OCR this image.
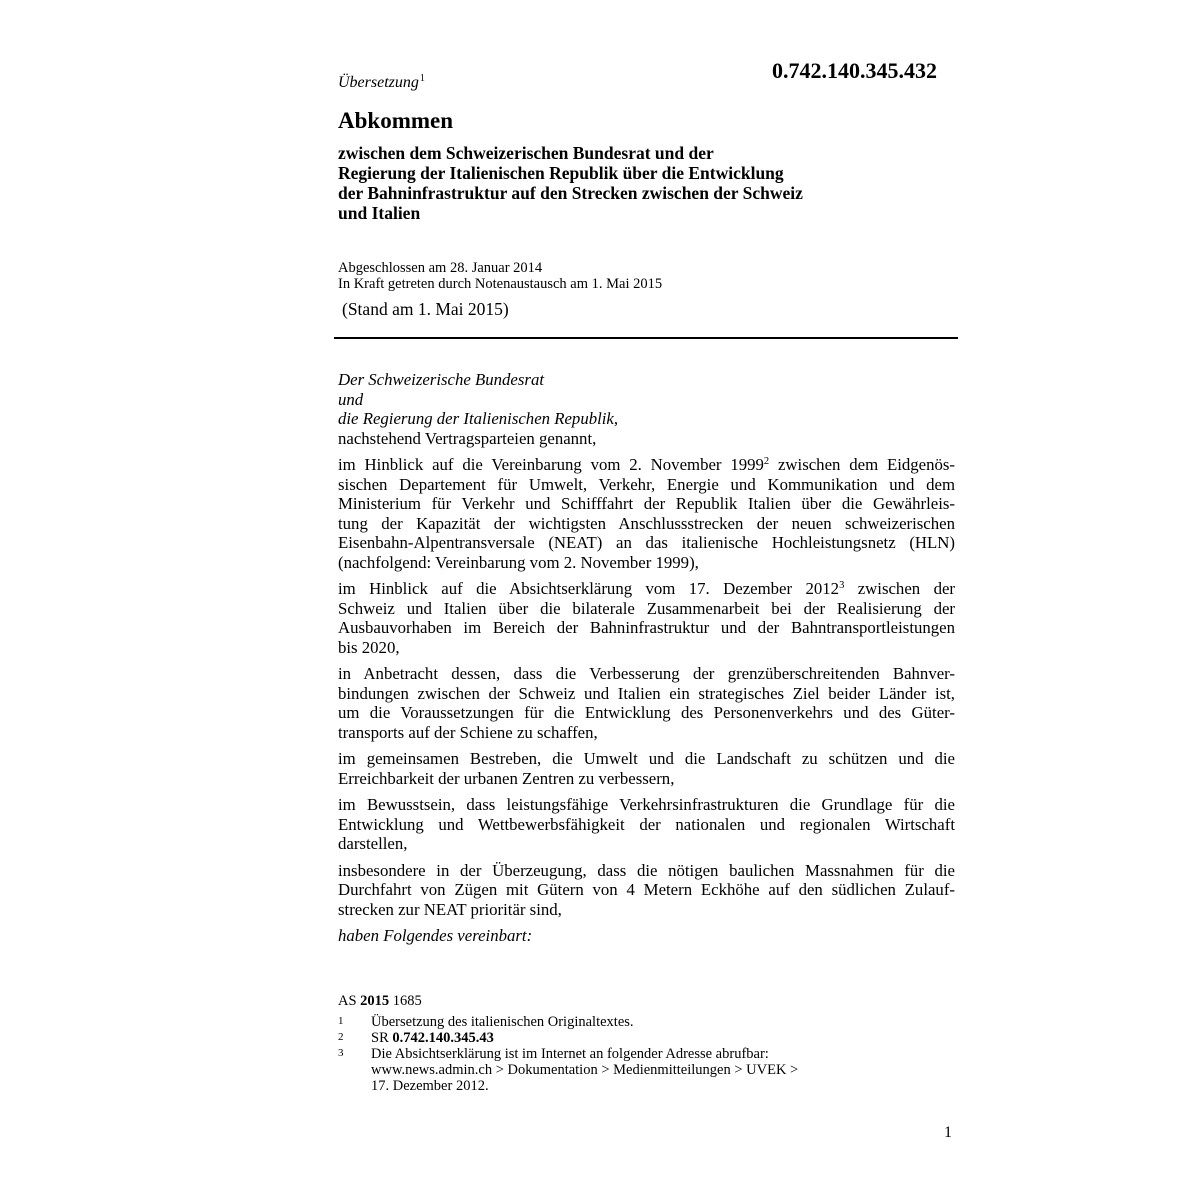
0.742.140.345.432
Übersetzung$^1$
Abkommen
zwischen dem Schweizerischen Bundesrat und der
Regierung der Italienischen Republik über die Entwicklung
der Bahninfrastruktur auf den Strecken zwischen der Schweiz
und Italien
Abgeschlossen am 28. Januar 2014
In Kraft getreten durch Notenaustausch am 1. Mai 2015
(Stand am 1. Mai 2015)
Der Schweizerische Bundesrat
und
die Regierung der Italienischen Republik,
nachstehend Vertragsparteien genannt,
im Hinblick auf die Vereinbarung vom 2. November 1999$^2$ zwischen dem Eidgenös-
sischen Departement für Umwelt, Verkehr, Energie und Kommunikation und dem
Ministerium für Verkehr und Schifffahrt der Republik Italien über die Gewährleis-
tung der Kapazität der wichtigsten Anschlussstrecken der neuen schweizerischen
Eisenbahn-Alpentransversale (NEAT) an das italienische Hochleistungsnetz (HLN)
(nachfolgend: Vereinbarung vom 2. November 1999),
im Hinblick auf die Absichtserklärung vom 17. Dezember 2012$^3$ zwischen der
Schweiz und Italien über die bilaterale Zusammenarbeit bei der Realisierung der
Ausbauvorhaben im Bereich der Bahninfrastruktur und der Bahntransportleistungen
bis 2020,
in Anbetracht dessen, dass die Verbesserung der grenzüberschreitenden Bahnver-
bindungen zwischen der Schweiz und Italien ein strategisches Ziel beider Länder ist,
um die Voraussetzungen für die Entwicklung des Personenverkehrs und des Güter-
transports auf der Schiene zu schaffen,
im gemeinsamen Bestreben, die Umwelt und die Landschaft zu schützen und die
Erreichbarkeit der urbanen Zentren zu verbessern,
im Bewusstsein, dass leistungsfähige Verkehrsinfrastrukturen die Grundlage für die
Entwicklung und Wettbewerbsfähigkeit der nationalen und regionalen Wirtschaft
darstellen,
insbesondere in der Überzeugung, dass die nötigen baulichen Massnahmen für die
Durchfahrt von Zügen mit Gütern von 4 Metern Eckhöhe auf den südlichen Zulauf-
strecken zur NEAT prioritär sind,
haben Folgendes vereinbart:
AS 2015 1685
1	Übersetzung des italienischen Originaltextes.
2	SR 0.742.140.345.43
3	Die Absichtserklärung ist im Internet an folgender Adresse abrufbar:
www.news.admin.ch > Dokumentation > Medienmitteilungen > UVEK >
17. Dezember 2012.
1
